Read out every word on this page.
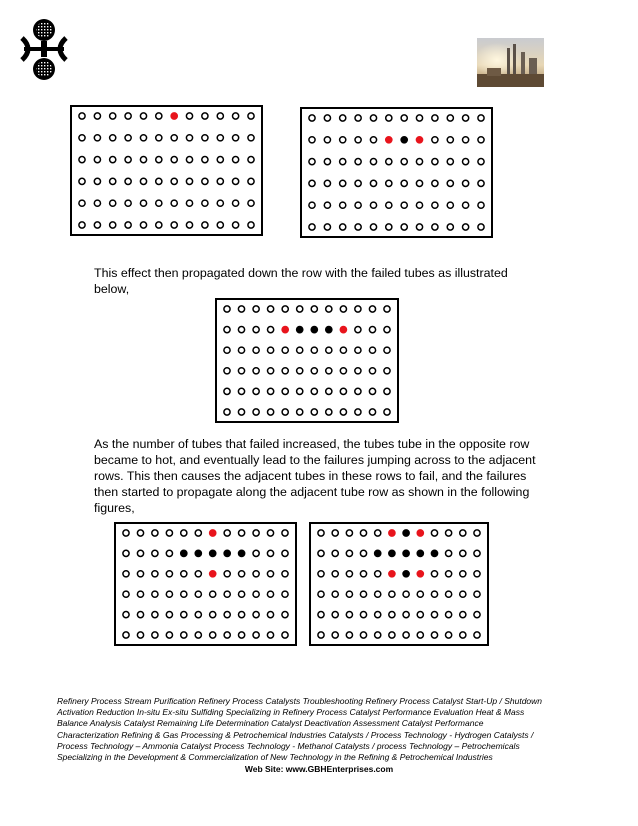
This effect then propagated down the row with the failed tubes as illustrated
below,

As the number of tubes that failed increased, the tubes tube in the opposite row
became to hot, and eventually lead to the failures jumping across to the adjacent
rows. This then causes the adjacent tubes in these rows to fail, and the failures
then started to propagate along the adjacent tube row as shown in the following
figures,

Refinery Process Stream Purification Refinery Process Catalysts Troubleshooting Refinery Process Catalyst Start-Up / Shutdown
Activation Reduction In-situ Ex-situ Sulfiding Specializing in Refinery Process Catalyst Performance Evaluation Heat & Mass
Balance Analysis Catalyst Remaining Life Determination Catalyst Deactivation Assessment Catalyst Performance
Characterization Refining & Gas Processing & Petrochemical Industries Catalysts / Process Technology - Hydrogen Catalysts /
Process Technology – Ammonia Catalyst Process Technology - Methanol Catalysts / process Technology – Petrochemicals
Specializing in the Development & Commercialization of New Technology in the Refining & Petrochemical Industries

Web Site: www.GBHEnterprises.com
